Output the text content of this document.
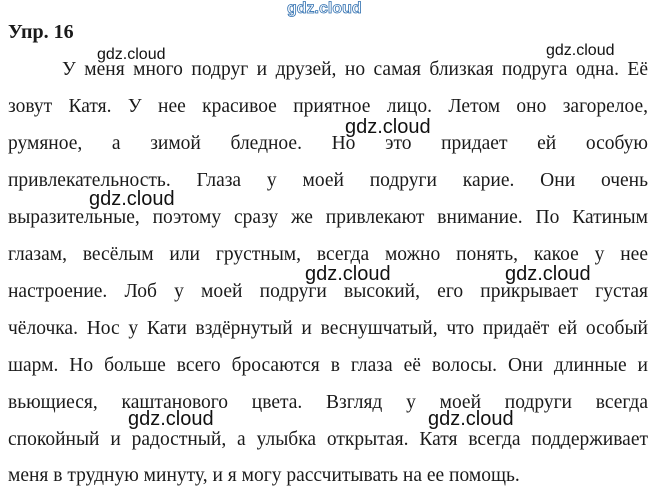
Упр. 16
У меня много подруг и друзей, но самая близкая подруга одна. Её
зовут Катя. У нее красивое приятное лицо. Летом оно загорелое,
румяное, а зимой бледное. Но это придает ей особую
привлекательность. Глаза у моей подруги карие. Они очень
выразительные, поэтому сразу же привлекают внимание. По Катиным
глазам, весёлым или грустным, всегда можно понять, какое у нее
настроение. Лоб у моей подруги высокий, его прикрывает густая
чёлочка. Нос у Кати вздёрнутый и веснушчатый, что придаёт ей особый
шарм. Но больше всего бросаются в глаза её волосы. Они длинные и
вьющиеся, каштанового цвета. Взгляд у моей подруги всегда
спокойный и радостный, а улыбка открытая. Катя всегда поддерживает
меня в трудную минуту, и я могу рассчитывать на ее помощь.
gdz.cloud
gdz.cloud	gdz.cloud
gdz.cloud
gdz.cloud
gdz.cloud	gdz.cloud
gdz.cloud	gdz.cloud
